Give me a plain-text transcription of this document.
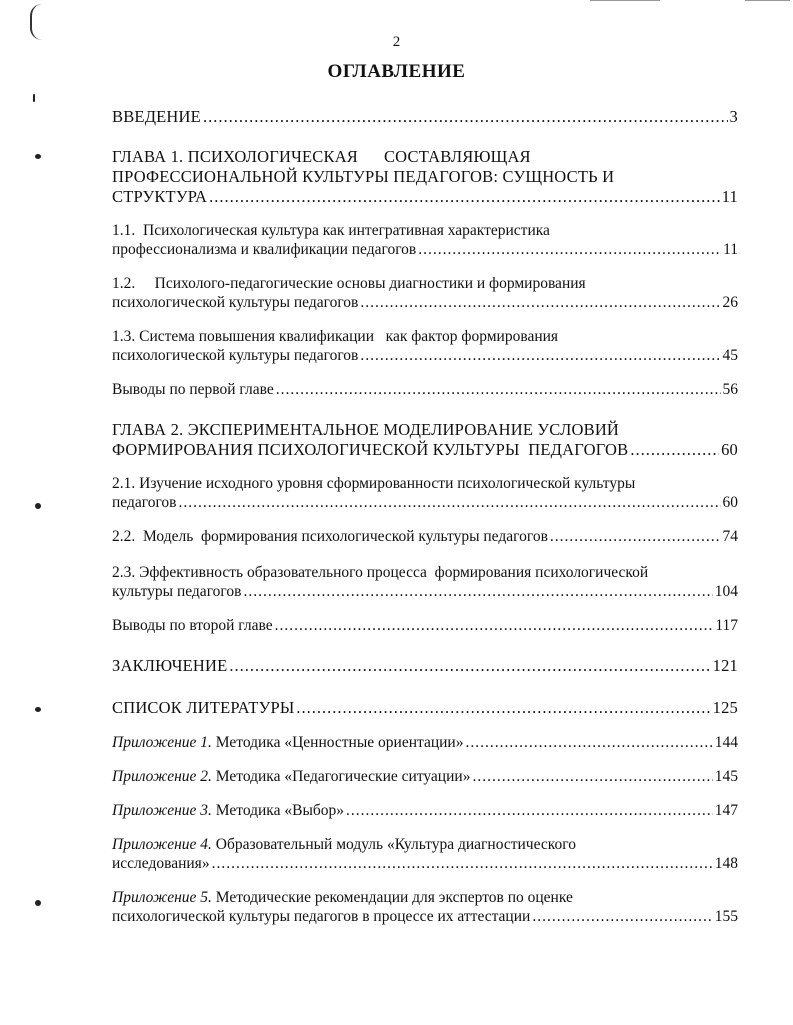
2
ОГЛАВЛЕНИЕ
ВВЕДЕНИЕ .....	3
ГЛАВА 1. ПСИХОЛОГИЧЕСКАЯ      СОСТАВЛЯЮЩАЯ
ПРОФЕССИОНАЛЬНОЙ КУЛЬТУРЫ ПЕДАГОГОВ: СУЩНОСТЬ И
СТРУКТУРА .....	11
1.1.  Психологическая культура как интегративная характеристика
профессионализма и квалификации педагогов .....	11
1.2.     Психолого-педагогические основы диагностики и формирования
психологической культуры педагогов .....	26
1.3. Система повышения квалификации   как фактор формирования
психологической культуры педагогов .....	45
Выводы по первой главе .....	56
ГЛАВА 2. ЭКСПЕРИМЕНТАЛЬНОЕ МОДЕЛИРОВАНИЕ УСЛОВИЙ
ФОРМИРОВАНИЯ ПСИХОЛОГИЧЕСКОЙ КУЛЬТУРЫ  ПЕДАГОГОВ .....	60
2.1. Изучение исходного уровня сформированности психологической культуры
педагогов .....	60
2.2.  Модель  формирования психологической культуры педагогов .....	74
2.3. Эффективность образовательного процесса  формирования психологической
культуры педагогов .....	104
Выводы по второй главе .....	117
ЗАКЛЮЧЕНИЕ .....	121
СПИСОК ЛИТЕРАТУРЫ .....	125
Приложение 1. Методика «Ценностные ориентации» .....	144
Приложение 2. Методика «Педагогические ситуации» .....	145
Приложение 3. Методика «Выбор» .....	147
Приложение 4. Образовательный модуль «Культура диагностического
исследования» .....	148
Приложение 5. Методические рекомендации для экспертов по оценке
психологической культуры педагогов в процессе их аттестации .....	155
